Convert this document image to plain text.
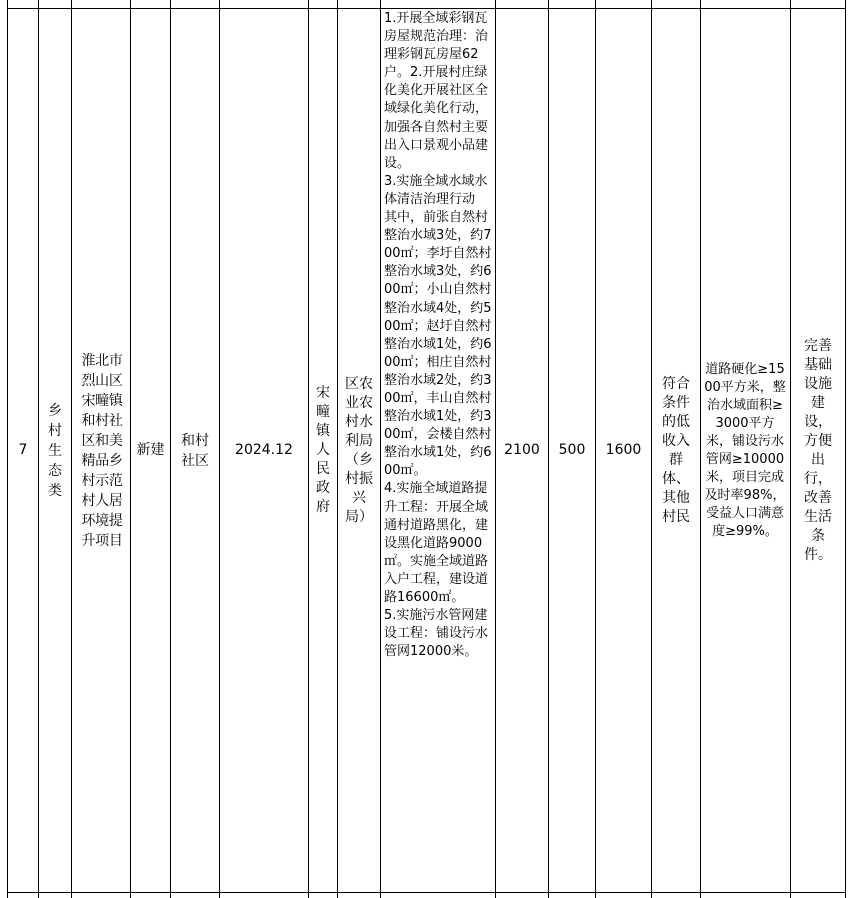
7
乡村生态类
淮北市烈山区宋疃镇和村社区和美精品乡村示范村人居环境提升项目
新建
和村社区
2024.12
宋疃镇人民政府
区农业农村水利局（乡村振兴局）
1.开展全域彩钢瓦房屋规范治理：治理彩钢瓦房屋62户。2.开展村庄绿化美化开展社区全域绿化美化行动，加强各自然村主要出入口景观小品建设。
3.实施全域水域水体清洁治理行动
其中，前张自然村整治水域3处，约700㎡；李圩自然村整治水域3处，约600㎡；小山自然村整治水域4处，约500㎡；赵圩自然村整治水域1处，约600㎡；相庄自然村整治水域2处，约300㎡，丰山自然村整治水域1处，约300㎡，会楼自然村整治水域1处，约600㎡。
4.实施全域道路提升工程：开展全域通村道路黑化，建设黑化道路9000㎡。实施全域道路入户工程，建设道路16600㎡。
5.实施污水管网建设工程：铺设污水管网12000米。
2100 500 1600
符合条件的低收入群体、其他村民
道路硬化≥1500平方米，整治水域面积≥3000平方米，铺设污水管网≥10000米，项目完成及时率98%，受益人口满意度≥99%。
完善基础设施建设，方便出行，改善生活条件。
